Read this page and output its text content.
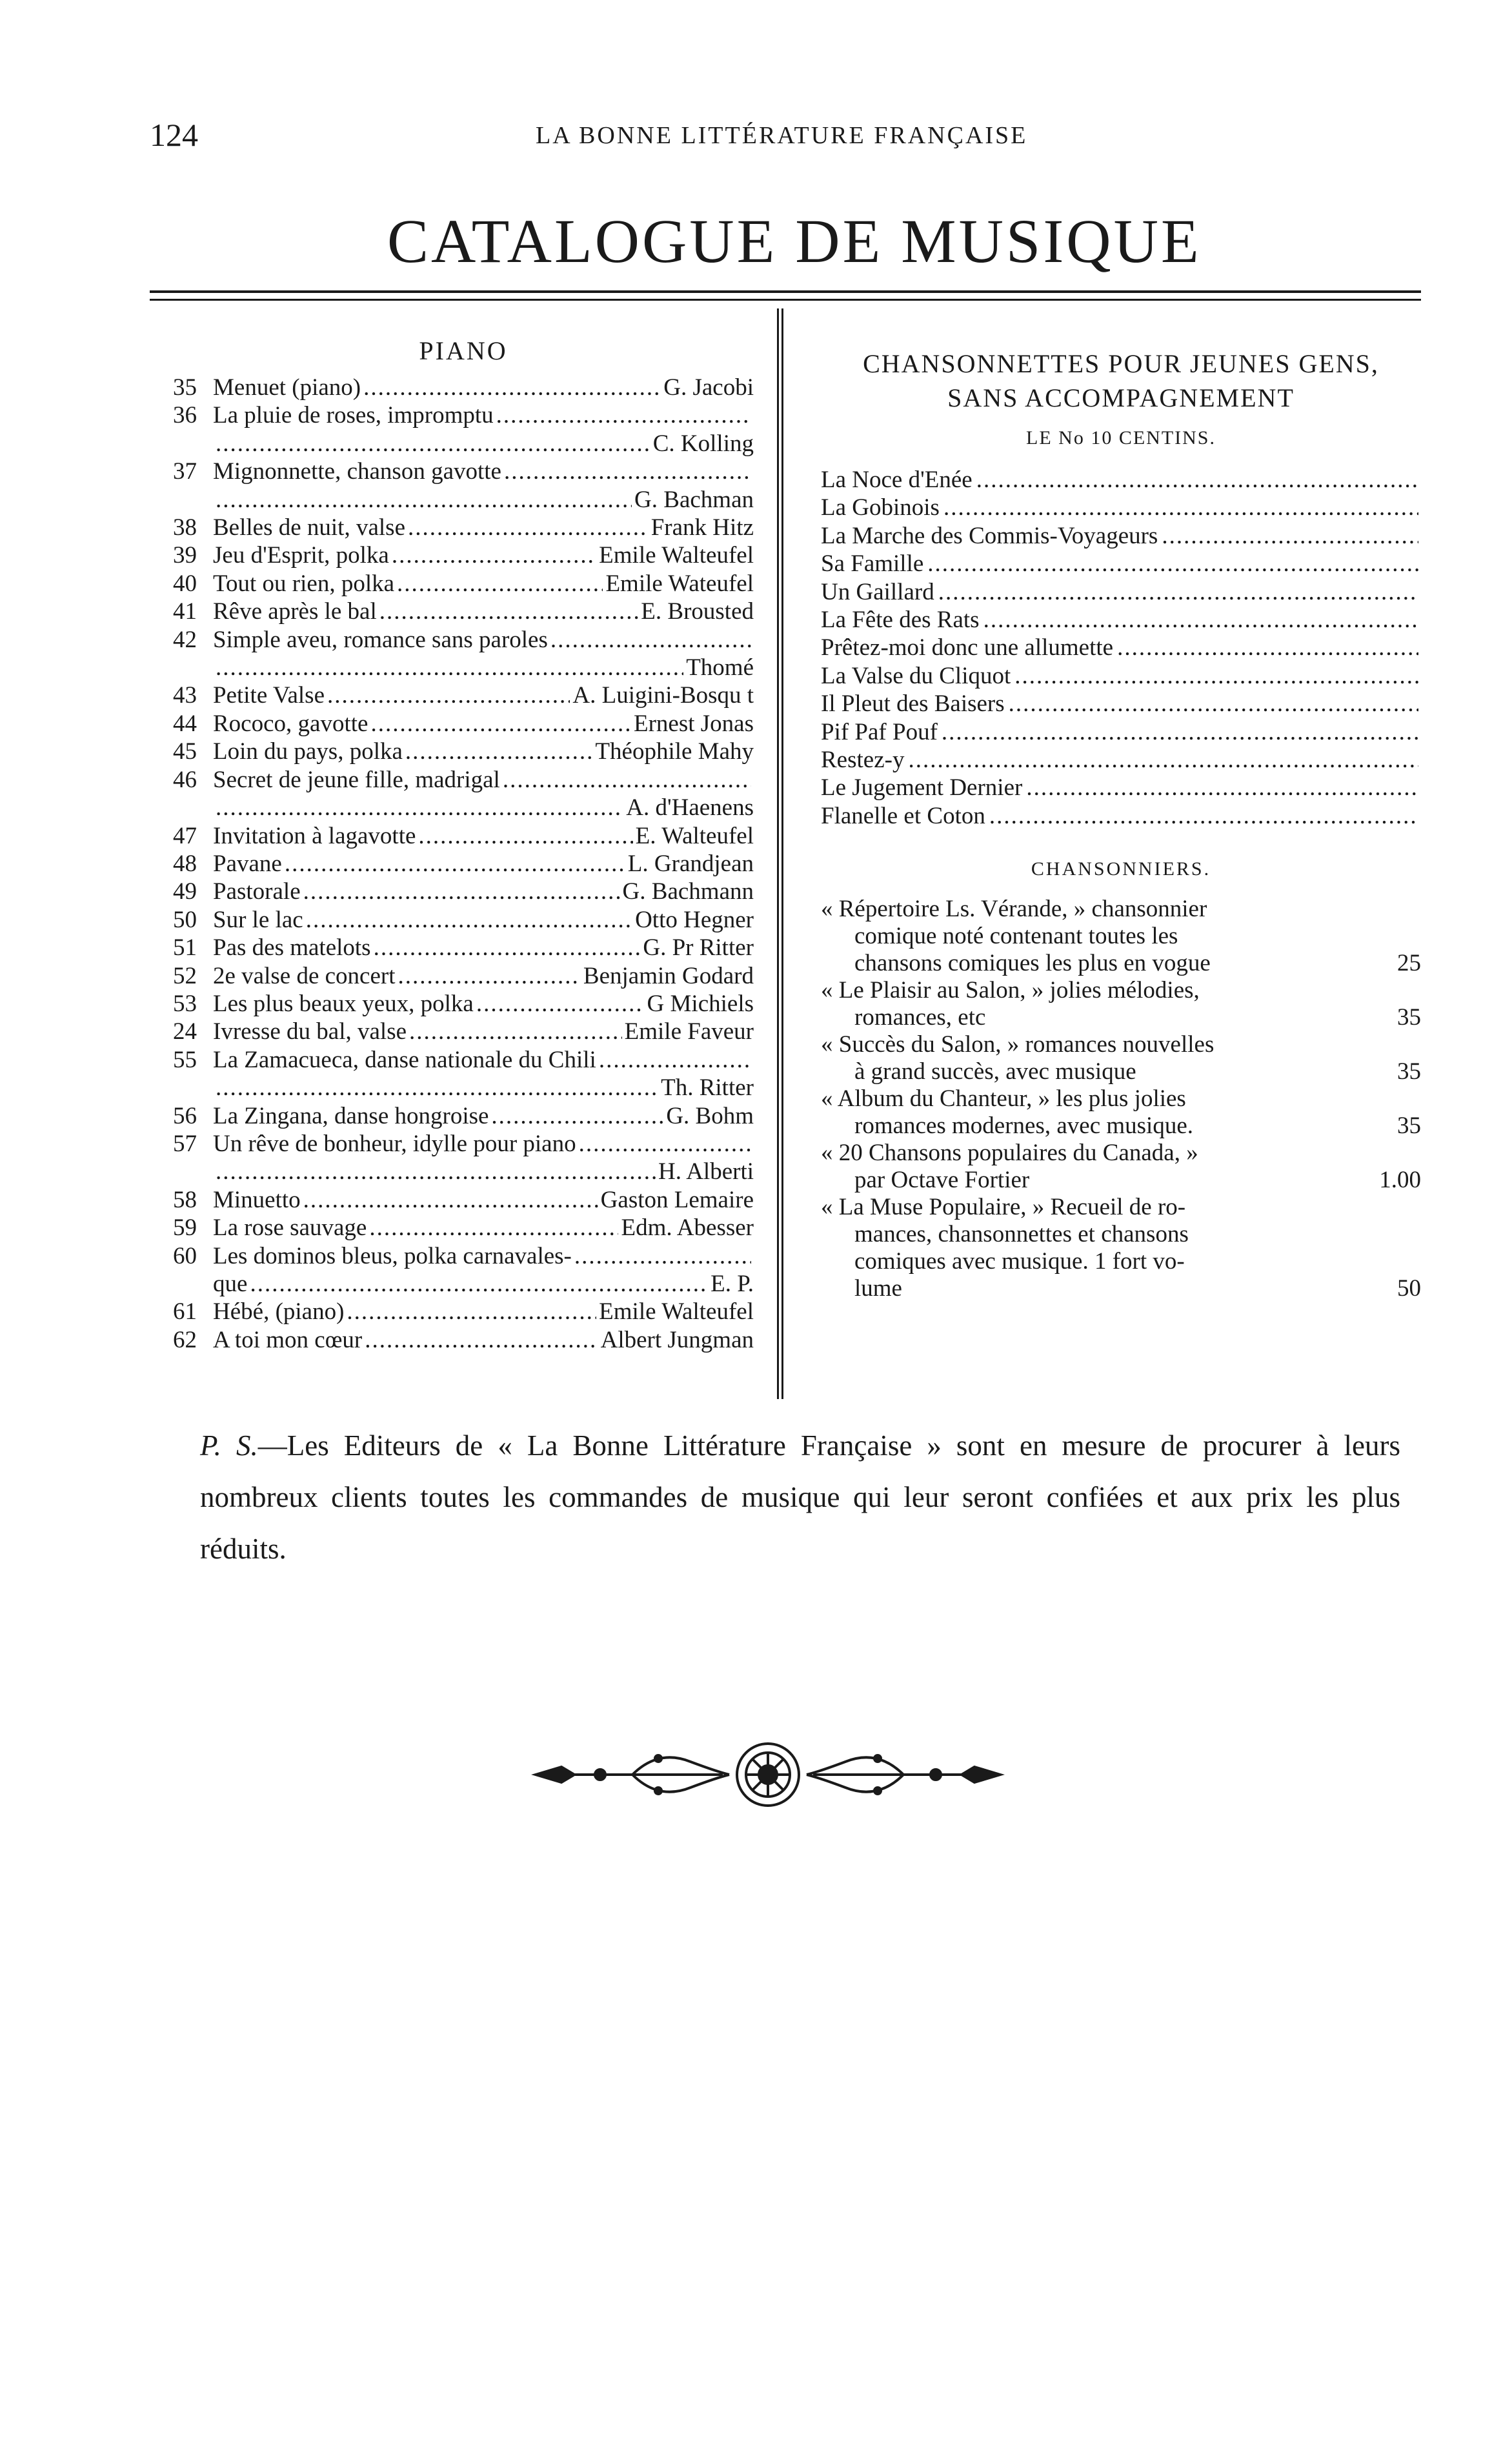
124	LA BONNE LITTÉRATURE FRANÇAISE
CATALOGUE DE MUSIQUE
PIANO
35 Menuet (piano) .....	G. Jacobi
36 La pluie de roses, impromptu
.....
.....
C. Kolling
37 Mignonnette, chanson gavotte
.....
.....
G. Bachman
38 Belles de nuit, valse .....	Frank Hitz
39 Jeu d'Esprit, polka .....	Emile Walteufel
40 Tout ou rien, polka .....	Emile Wateufel
41 Rêve après le bal .....	E. Brousted
42 Simple aveu, romance sans paroles
.....
.....
Thomé
43 Petite Valse .....	A. Luigini-Bosqu t
44 Rococo, gavotte .....	Ernest Jonas
45 Loin du pays, polka .....	Théophile Mahy
46 Secret de jeune fille, madrigal
.....
.....
A. d'Haenens
47 Invitation à lagavotte .....	E. Walteufel
48 Pavane .....	L. Grandjean
49 Pastorale .....	G. Bachmann
50 Sur le lac .....	Otto Hegner
51 Pas des matelots .....	G. Pr Ritter
52 2e valse de concert .....	Benjamin Godard
53 Les plus beaux yeux, polka .....	G Michiels
24 Ivresse du bal, valse .....	Emile Faveur
55 La Zamacueca, danse nationale du Chili
.....
.....
Th. Ritter
56 La Zingana, danse hongroise .....	G. Bohm
57 Un rêve de bonheur, idylle pour piano
.....
.....
H. Alberti
58 Minuetto .....	Gaston Lemaire
59 La rose sauvage .....	Edm. Abesser
60 Les dominos bleus, polka carnavales-
.....
que .....	E. P.
61 Hébé, (piano) .....	Emile Walteufel
62 A toi mon cœur .....	Albert Jungman
CHANSONNETTES POUR JEUNES GENS,
SANS ACCOMPAGNEMENT
LE No 10 CENTINS.
La Noce d'Enée
.....
La Gobinois
.....
La Marche des Commis-Voyageurs
.....
Sa Famille
.....
Un Gaillard
.....
La Fête des Rats
.....
Prêtez-moi donc une allumette
.....
La Valse du Cliquot
.....
Il Pleut des Baisers
.....
Pif Paf Pouf
.....
Restez-y
.....
Le Jugement Dernier
.....
Flanelle et Coton
.....
CHANSONNIERS.
« Répertoire Ls. Vérande, » chansonnier
comique noté contenant toutes les
chansons comiques les plus en vogue	25
« Le Plaisir au Salon, » jolies mélodies,
romances, etc	35
« Succès du Salon, » romances nouvelles
à grand succès, avec musique	35
« Album du Chanteur, » les plus jolies
romances modernes, avec musique.	35
« 20 Chansons populaires du Canada, »
par Octave Fortier	1.00
« La Muse Populaire, » Recueil de ro-
mances, chansonnettes et chansons
comiques avec musique. 1 fort vo-
lume	50
P. S.—Les Editeurs de « La Bonne Littérature Française » sont en mesure de procurer à leurs nombreux clients toutes les commandes de musique qui leur seront confiées et aux prix les plus réduits.
